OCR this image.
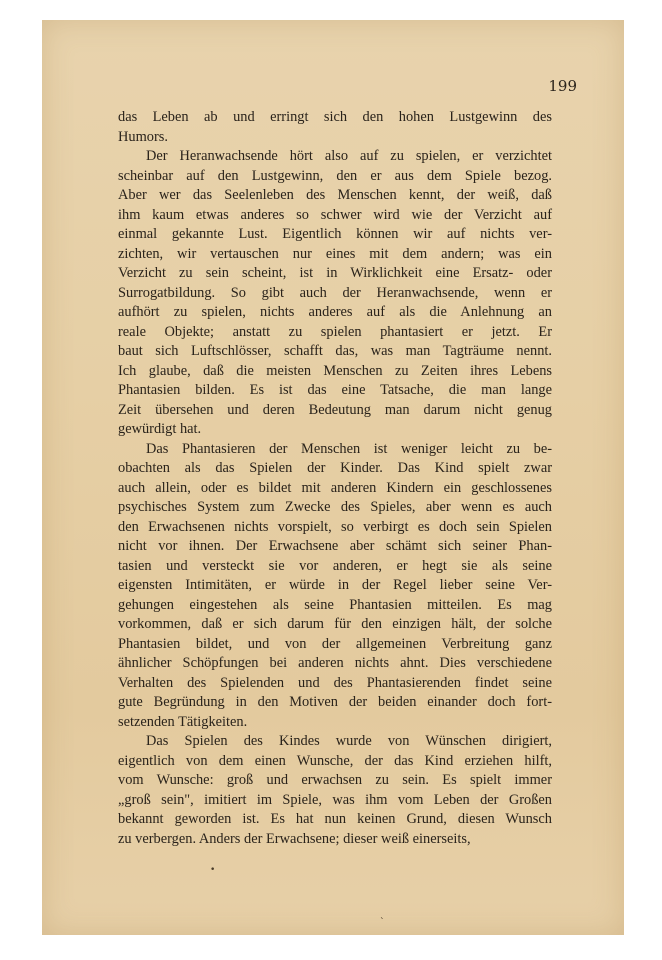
199

das Leben ab und erringt sich den hohen Lustgewinn des
Humors.

Der Heranwachsende hört also auf zu spielen, er verzichtet
scheinbar auf den Lustgewinn, den er aus dem Spiele bezog.
Aber wer das Seelenleben des Menschen kennt, der weiß, daß
ihm kaum etwas anderes so schwer wird wie der Verzicht auf
einmal gekannte Lust. Eigentlich können wir auf nichts ver-
zichten, wir vertauschen nur eines mit dem andern; was ein
Verzicht zu sein scheint, ist in Wirklichkeit eine Ersatz- oder
Surrogatbildung. So gibt auch der Heranwachsende, wenn er
aufhört zu spielen, nichts anderes auf als die Anlehnung an
reale Objekte; anstatt zu spielen phantasiert er jetzt. Er
baut sich Luftschlösser, schafft das, was man Tagträume nennt.
Ich glaube, daß die meisten Menschen zu Zeiten ihres Lebens
Phantasien bilden. Es ist das eine Tatsache, die man lange
Zeit übersehen und deren Bedeutung man darum nicht genug
gewürdigt hat.

Das Phantasieren der Menschen ist weniger leicht zu be-
obachten als das Spielen der Kinder. Das Kind spielt zwar
auch allein, oder es bildet mit anderen Kindern ein geschlossenes
psychisches System zum Zwecke des Spieles, aber wenn es auch
den Erwachsenen nichts vorspielt, so verbirgt es doch sein Spielen
nicht vor ihnen. Der Erwachsene aber schämt sich seiner Phan-
tasien und versteckt sie vor anderen, er hegt sie als seine
eigensten Intimitäten, er würde in der Regel lieber seine Ver-
gehungen eingestehen als seine Phantasien mitteilen. Es mag
vorkommen, daß er sich darum für den einzigen hält, der solche
Phantasien bildet, und von der allgemeinen Verbreitung ganz
ähnlicher Schöpfungen bei anderen nichts ahnt. Dies verschiedene
Verhalten des Spielenden und des Phantasierenden findet seine
gute Begründung in den Motiven der beiden einander doch fort-
setzenden Tätigkeiten.

Das Spielen des Kindes wurde von Wünschen dirigiert,
eigentlich von dem einen Wunsche, der das Kind erziehen hilft,
vom Wunsche: groß und erwachsen zu sein. Es spielt immer
„groß sein", imitiert im Spiele, was ihm vom Leben der Großen
bekannt geworden ist. Es hat nun keinen Grund, diesen Wunsch
zu verbergen. Anders der Erwachsene; dieser weiß einerseits,

•
ˎ
